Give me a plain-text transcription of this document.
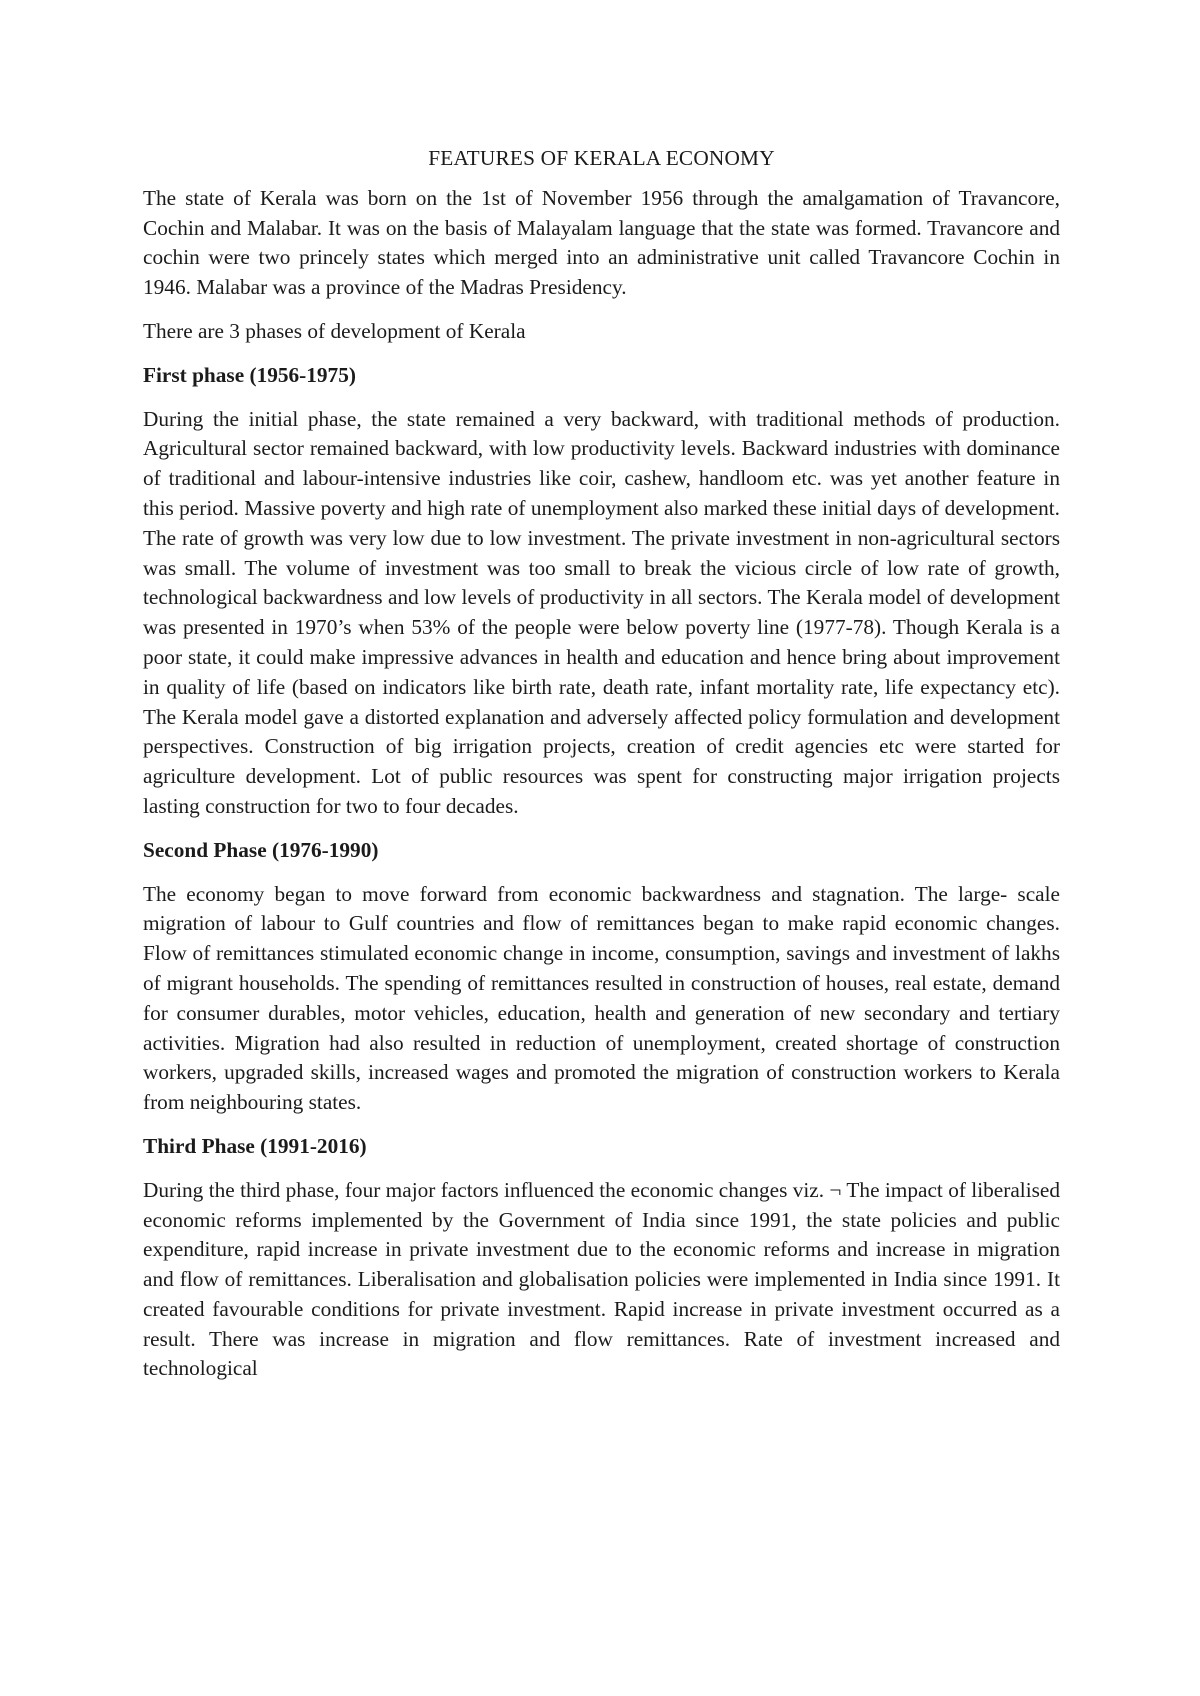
FEATURES OF KERALA ECONOMY

The state of Kerala was born on the 1st of November 1956 through the amalgamation of Travancore, Cochin and Malabar. It was on the basis of Malayalam language that the state was formed. Travancore and cochin were two princely states which merged into an administrative unit called Travancore Cochin in 1946. Malabar was a province of the Madras Presidency.

There are 3 phases of development of Kerala

First phase (1956-1975)

During the initial phase, the state remained a very backward, with traditional methods of production. Agricultural sector remained backward, with low productivity levels. Backward industries with dominance of traditional and labour-intensive industries like coir, cashew, handloom etc. was yet another feature in this period. Massive poverty and high rate of unemployment also marked these initial days of development. The rate of growth was very low due to low investment. The private investment in non-agricultural sectors was small. The volume of investment was too small to break the vicious circle of low rate of growth, technological backwardness and low levels of productivity in all sectors. The Kerala model of development was presented in 1970’s when 53% of the people were below poverty line (1977-78). Though Kerala is a poor state, it could make impressive advances in health and education and hence bring about improvement in quality of life (based on indicators like birth rate, death rate, infant mortality rate, life expectancy etc). The Kerala model gave a distorted explanation and adversely affected policy formulation and development perspectives. Construction of big irrigation projects, creation of credit agencies etc were started for agriculture development. Lot of public resources was spent for constructing major irrigation projects lasting construction for two to four decades.

Second Phase (1976-1990)

The economy began to move forward from economic backwardness and stagnation. The large- scale migration of labour to Gulf countries and flow of remittances began to make rapid economic changes. Flow of remittances stimulated economic change in income, consumption, savings and investment of lakhs of migrant households. The spending of remittances resulted in construction of houses, real estate, demand for consumer durables, motor vehicles, education, health and generation of new secondary and tertiary activities. Migration had also resulted in reduction of unemployment, created shortage of construction workers, upgraded skills, increased wages and promoted the migration of construction workers to Kerala from neighbouring states.

Third Phase (1991-2016)

During the third phase, four major factors influenced the economic changes viz. ¬ The impact of liberalised economic reforms implemented by the Government of India since 1991, the state policies and public expenditure, rapid increase in private investment due to the economic reforms and increase in migration and flow of remittances. Liberalisation and globalisation policies were implemented in India since 1991. It created favourable conditions for private investment. Rapid increase in private investment occurred as a result. There was increase in migration and flow remittances. Rate of investment increased and technological
